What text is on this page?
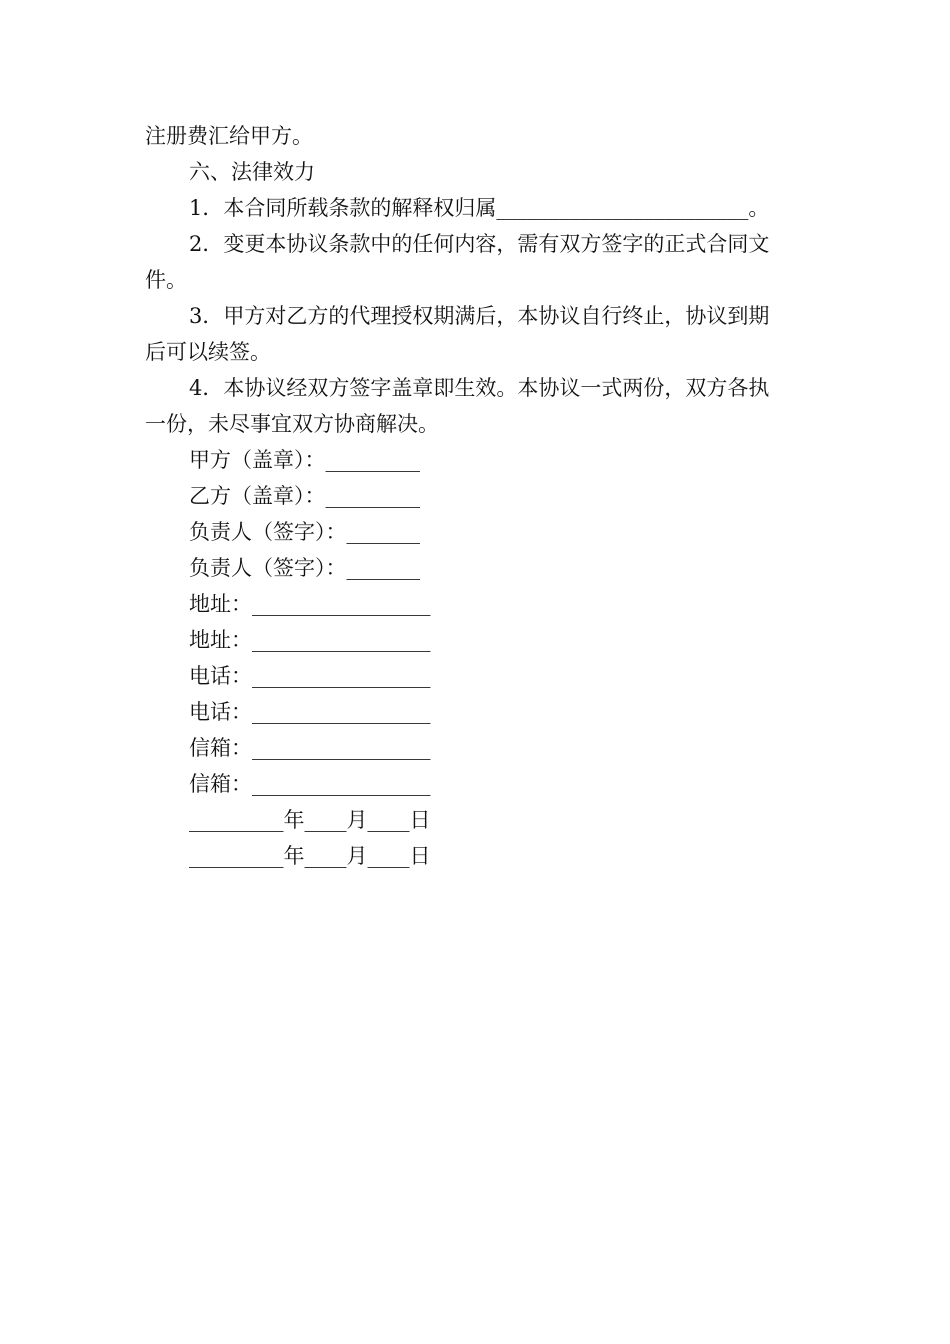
注册费汇给甲方。
六、法律效力
1．本合同所载条款的解释权归属________________________。
2．变更本协议条款中的任何内容，需有双方签字的正式合同文
件。
3．甲方对乙方的代理授权期满后，本协议自行终止，协议到期
后可以续签。
4．本协议经双方签字盖章即生效。本协议一式两份，双方各执
一份，未尽事宜双方协商解决。
甲方（盖章）：_________
乙方（盖章）：_________
负责人（签字）：_______
负责人（签字）：_______
地址：_________________
地址：_________________
电话：_________________
电话：_________________
信箱：_________________
信箱：_________________
_________年____月____日
_________年____月____日
